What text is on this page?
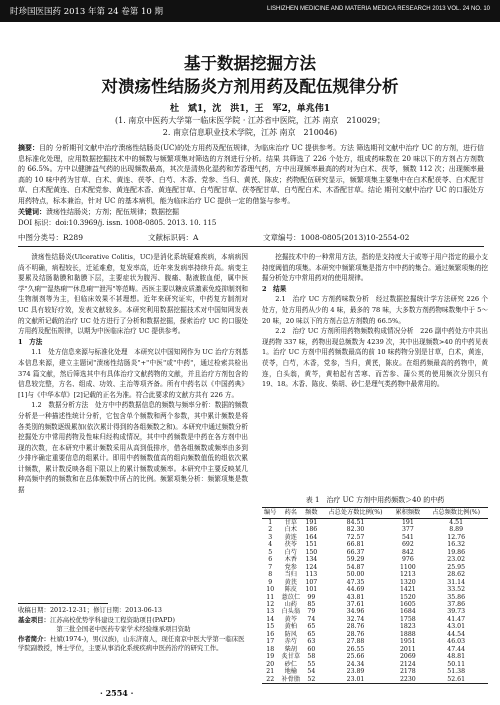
时珍国医国药 2013 年第 24 卷第 10 期	LISHIZHEN MEDICINE AND MATERIA MEDICA RESEARCH 2013 VOL. 24 NO. 10
基于数据挖掘方法
对溃疡性结肠炎方剂用药及配伍规律分析
杜　斌1，沈　洪1，王　军2，单兆伟1
(1. 南京中医药大学第一临床医学院 · 江苏省中医院，江苏 南京　210029；
2. 南京信息职业技术学院，江苏 南京　210046)
摘要：目的 分析期刊文献中治疗溃疡性结肠炎(UC)的处方用药及配伍规律，为临床治疗 UC 提供参考。方法 筛选期刊文献中治疗 UC 的方剂，进行信息标准化处理，应用数据挖掘技术中的频数与频繁项集对筛选的方剂进行分析。结果 共筛选了 226 个处方，组成药味数在 20 味以下的方剂占方剂数的 66.5%。方中以健脾益气药的出现频数最高，其次是清热化湿药和芳香理气药，方中出现频率最高的药对为白术、茯苓，频数 112 次；出现频率最高的 10 味中药为甘草、白术、黄连、茯苓、白芍、木香、党参、当归、黄芪、陈皮；药物配伍研究显示，频繁项集主要集中在白术配茯苓、白术配甘草、白术配黄连、白术配党参、黄连配木香、黄连配甘草、白芍配甘草、茯苓配甘草、白芍配白术、木香配甘草。结论 期刊文献中治疗 UC 的口服处方用药特点，标本兼治，针对 UC 的基本病机，能为临床治疗 UC 提供一定的借鉴与参考。
关键词：溃疡性结肠炎；方剂；配伍规律；数据挖掘
DOI 标识：doi:10.3969/j. issn. 1008-0805. 2013. 10. 115
中图分类号：R289	文献标识码：A	文章编号：1008-0805(2013)10-2554-02

溃疡性结肠炎(Ulcerative Colitis，UC)是消化系统疑难疾病，本病病因尚不明确，病程较长，迁延难愈，复发率高，近年来发病率持续升高。病变主要累及结肠黏膜和黏膜下层，主要症状为腹泻、腹痛、黏液脓血便，属中医学"久痢""湿热痢""休息痢""泄泻"等范畴。西医主要以糖皮质激素免疫抑制剂和生物制剂等为主，但临床效果不甚理想。近年来研究证实，中药复方制剂对 UC 具有较好疗效，发表文献较多。本研究利用数据挖掘技术对中国知网发表的文献所记载的治疗 UC 处方进行了分析和数据挖掘，探索治疗 UC 的口服处方用药及配伍规律，以期为中医临床治疗 UC 提供参考。

1　方法

1.1　处方信息来源与标准化处理　本研究以中国知网作为 UC 治疗方剂基本信息来源，建立主题词"溃疡性结肠炎"+"中医"或"中药"，通过检索共检出 374 篇文献，然后筛选其中有具体治疗文献药物的文献，并且治疗方剂包含的信息较完整，方名、组成、功效、主治等项齐备。所有中药名以《中国药典》[1]与《中华本草》[2]记载的正名为准。符合此要求的文献方共有 226 方。

1.2　数据分析方法　处方中中药数据信息的频数与频率分析：数据的频数分析是一种描述性统计分析，它包含单个频数和两个参数，其中累计频数是将各类别的频数逐级累加(依次累计得到的各组频数之和)。本研究中通过频数分析挖掘处方中常用药物及性味归经构成情况，其中中药频数是中药在各方剂中出现的次数，在本研究中累计频数采用从高到低排序，借各组频数或频率由多到少排序确定重要信息的组累计。即用中药频数值高的组向频数值低的组依次累计频数，累计数反映各组下限以上的累计频数或频率。本研究中主要反映某几种高频中药的频数和在总体频数中所占的比例。频繁项集分析：频繁项集是数据

挖掘技术中的一种常用方法，指的是支持度大于或等于用户指定的最小支持度阈值的项集。本研究中频繁项集是指方中中药的集合。通过频繁项集的挖掘分析处方中常用药对的使用规律。

2　结果

2.1　治疗 UC 方剂药味数分析　经过数据挖掘统计学方法研究 226 个处方，处方用药从少的 4 味，最多的 78 味，大多数方剂药物味数集中于 5～20 味，20 味以下的方剂占总方剂数的 66.5%。

2.2　治疗 UC 方剂所用药物频数构成情况分析　226 副中药处方中共出现药物 337 味，药物出现总频数为 4239 次，其中出现频数>40 的中药见表 1。治疗 UC 方剂中用药频数最高的前 10 味药物分别是甘草，白术，黄连，茯苓，白芍，木香，党参，当归，黄芪，陈皮。在组药频最高的药物中，黄连，白头翁，黄芩，黄柏起有苦寒、而苦参、蒲公英的使用频次分别只有 19、18。木香、陈皮、柴胡、砂仁是理气类药物中最常用的。

表 1　治疗 UC 方剂中用药频数＞40 的中药
编号	药名	频数	占总处方数比例(%)	累积频数	占总频数比例(%)
1	甘草	191	84.51	191	4.51
2	白术	186	82.30	377	8.89
3	黄连	164	72.57	541	12.76
4	茯苓	151	66.81	692	16.32
5	白芍	150	66.37	842	19.86
6	木香	134	59.29	976	23.02
7	党参	124	54.87	1100	25.95
8	当归	113	50.00	1213	28.62
9	黄芪	107	47.35	1320	31.14
10	陈皮	101	44.69	1421	33.52
11	薏苡仁	99	43.81	1520	35.86
12	山药	85	37.61	1605	37.86
13	白头翁	79	34.96	1684	39.73
14	黄芩	74	32.74	1758	41.47
15	黄柏	65	28.76	1823	43.01
16	防风	65	28.76	1888	44.54
17	赤芍	63	27.88	1951	46.03
18	柴胡	60	26.55	2011	47.44
19	炙甘草	58	25.66	2069	48.81
20	砂仁	55	24.34	2124	50.11
21	地榆	54	23.89	2178	51.38
22	补骨脂	52	23.01	2230	52.61
收稿日期：2012-12-31；修订日期：2013-06-13
基金项目：江苏高校优势学科建设工程资助项目(PAPD)
　　　　　　第三批全国老中医药专家学术经验继承项目资助
作者简介：杜斌(1974-)，男(汉族)，山东济南人，现任南京中医大学第一临床医学院副教授，博士学位，主要从事消化系统疾病中医药治疗的研究工作。
· 2554 ·
